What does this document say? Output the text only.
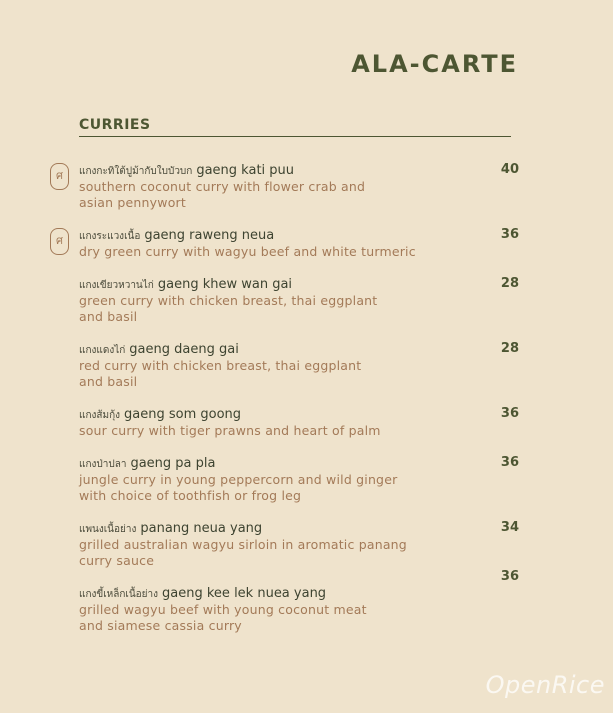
ALA-CARTE
CURRIES
ศ	แกงกะทิใต้ปูม้ากับใบบัวบก gaeng kati puu
southern coconut curry with flower crab and
asian pennywort
40
ศ	แกงระแวงเนื้อ gaeng raweng neua
dry green curry with wagyu beef and white turmeric
36
แกงเขียวหวานไก่ gaeng khew wan gai
green curry with chicken breast, thai eggplant
and basil
28
แกงแดงไก่ gaeng daeng gai
red curry with chicken breast, thai eggplant
and basil
28
แกงส้มกุ้ง gaeng som goong
sour curry with tiger prawns and heart of palm
36
แกงป่าปลา gaeng pa pla
jungle curry in young peppercorn and wild ginger
with choice of toothfish or frog leg
36
แพนงเนื้อย่าง panang neua yang
grilled australian wagyu sirloin in aromatic panang
curry sauce
34
แกงขี้เหล็กเนื้อย่าง gaeng kee lek nuea yang
grilled wagyu beef with young coconut meat
and siamese cassia curry
36
OpenRice
